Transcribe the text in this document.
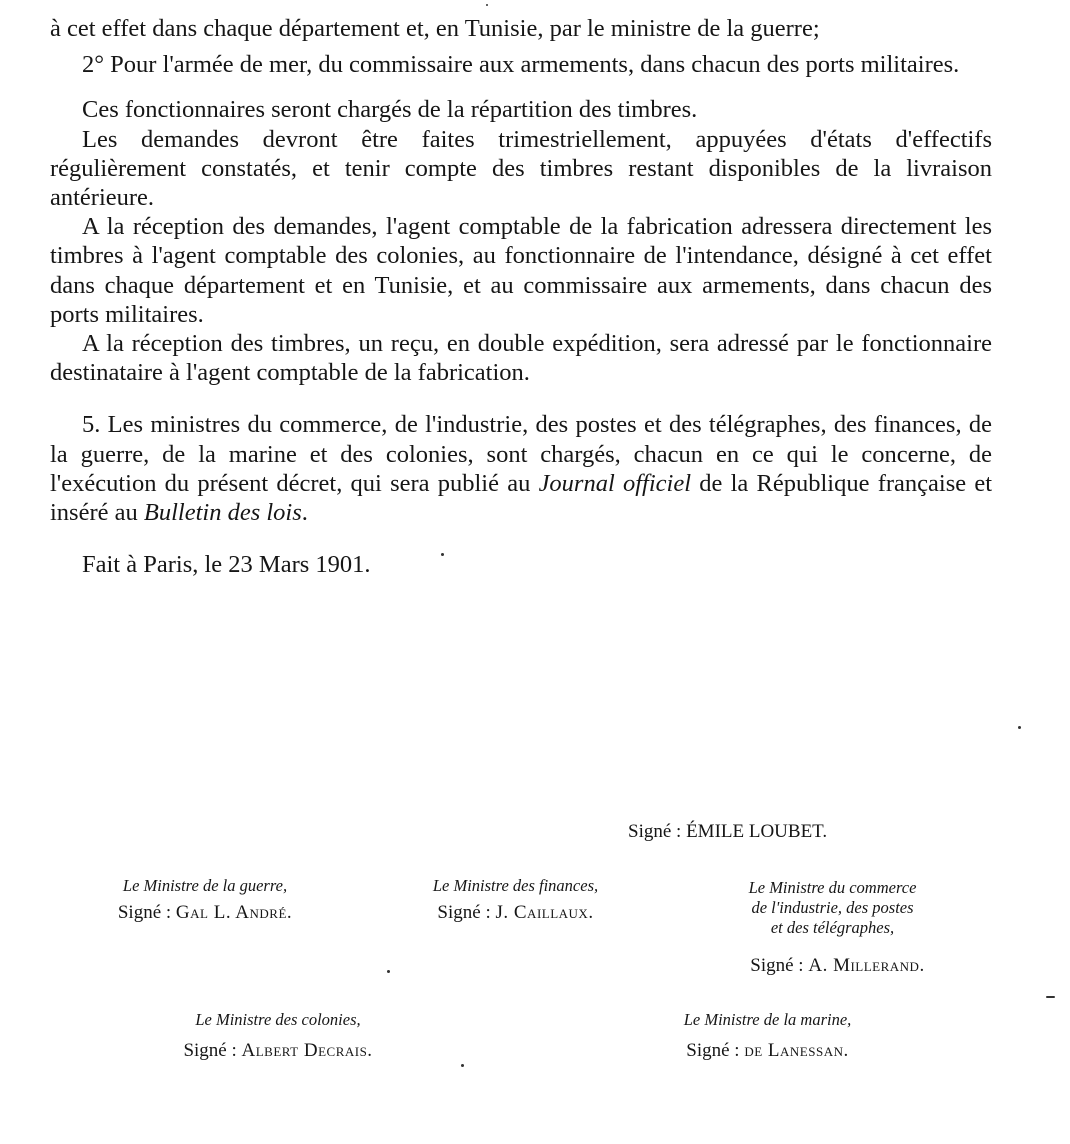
à cet effet dans chaque département et, en Tunisie, par le ministre de la guerre;

2° Pour l'armée de mer, du commissaire aux armements, dans chacun des ports militaires.

Ces fonctionnaires seront chargés de la répartition des timbres.

Les demandes devront être faites trimestriellement, appuyées d'états d'effectifs régulièrement constatés, et tenir compte des timbres restant disponibles de la livraison antérieure.

A la réception des demandes, l'agent comptable de la fabrication adressera directement les timbres à l'agent comptable des colonies, au fonctionnaire de l'intendance, désigné à cet effet dans chaque département et en Tunisie, et au commissaire aux armements, dans chacun des ports militaires.

A la réception des timbres, un reçu, en double expédition, sera adressé par le fonctionnaire destinataire à l'agent comptable de la fabrication.

5. Les ministres du commerce, de l'industrie, des postes et des télégraphes, des finances, de la guerre, de la marine et des colonies, sont chargés, chacun en ce qui le concerne, de l'exécution du présent décret, qui sera publié au Journal officiel de la République française et inséré au Bulletin des lois.

Fait à Paris, le 23 Mars 1901.

Signé : ÉMILE LOUBET.
Le Ministre de la guerre,
Signé : Gal L. André.
Le Ministre des finances,
Signé : J. Caillaux.
Le Ministre du commerce
de l'industrie, des postes
et des télégraphes,
Signé : A. Millerand.
Le Ministre des colonies,
Signé : Albert Decrais.
Le Ministre de la marine,
Signé : de Lanessan.
